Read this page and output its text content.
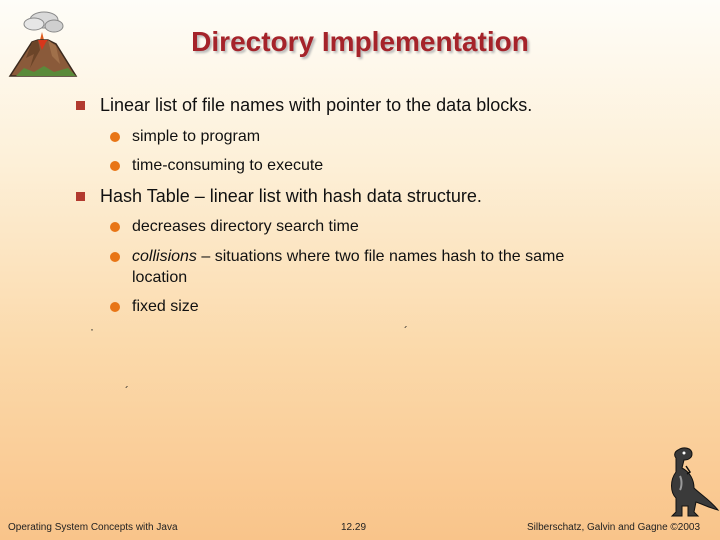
Directory Implementation
Linear list of file names with pointer to the data blocks.
simple to program
time-consuming to execute
Hash Table – linear list with hash data structure.
decreases directory search time
collisions – situations where two file names hash to the same
location
fixed size
·	´
´
Operating System Concepts with Java	12.29	Silberschatz, Galvin and Gagne ©2003
